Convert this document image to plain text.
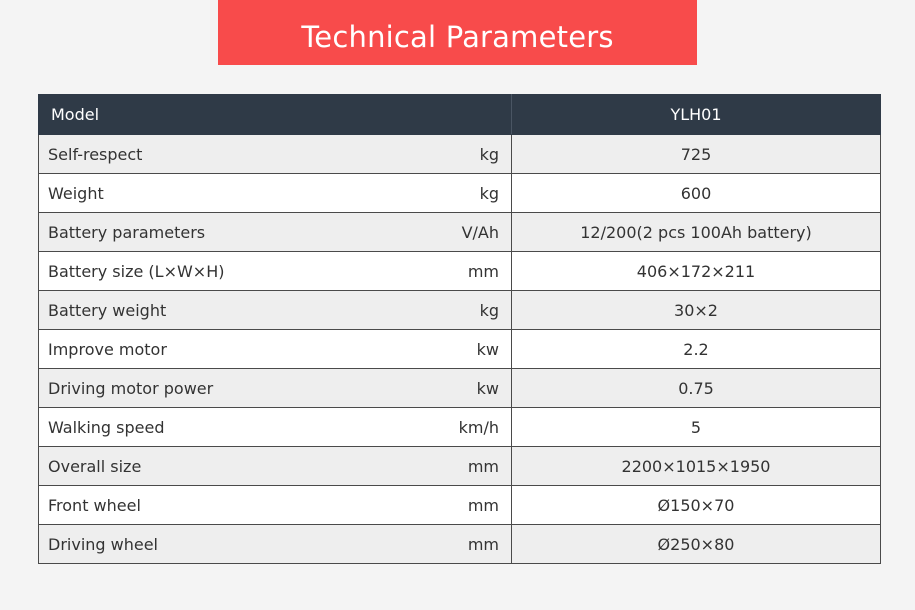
Technical Parameters
Model	YLH01

Self-respect kg	725

Weight kg	600

Battery parameters V/Ah	12/200(2 pcs 100Ah battery)

Battery size (L×W×H) mm	406×172×211

Battery weight kg	30×2

Improve motor kw	2.2

Driving motor power kw	0.75

Walking speed km/h	5

Overall size mm	2200×1015×1950

Front wheel mm	Ø150×70

Driving wheel mm	Ø250×80
